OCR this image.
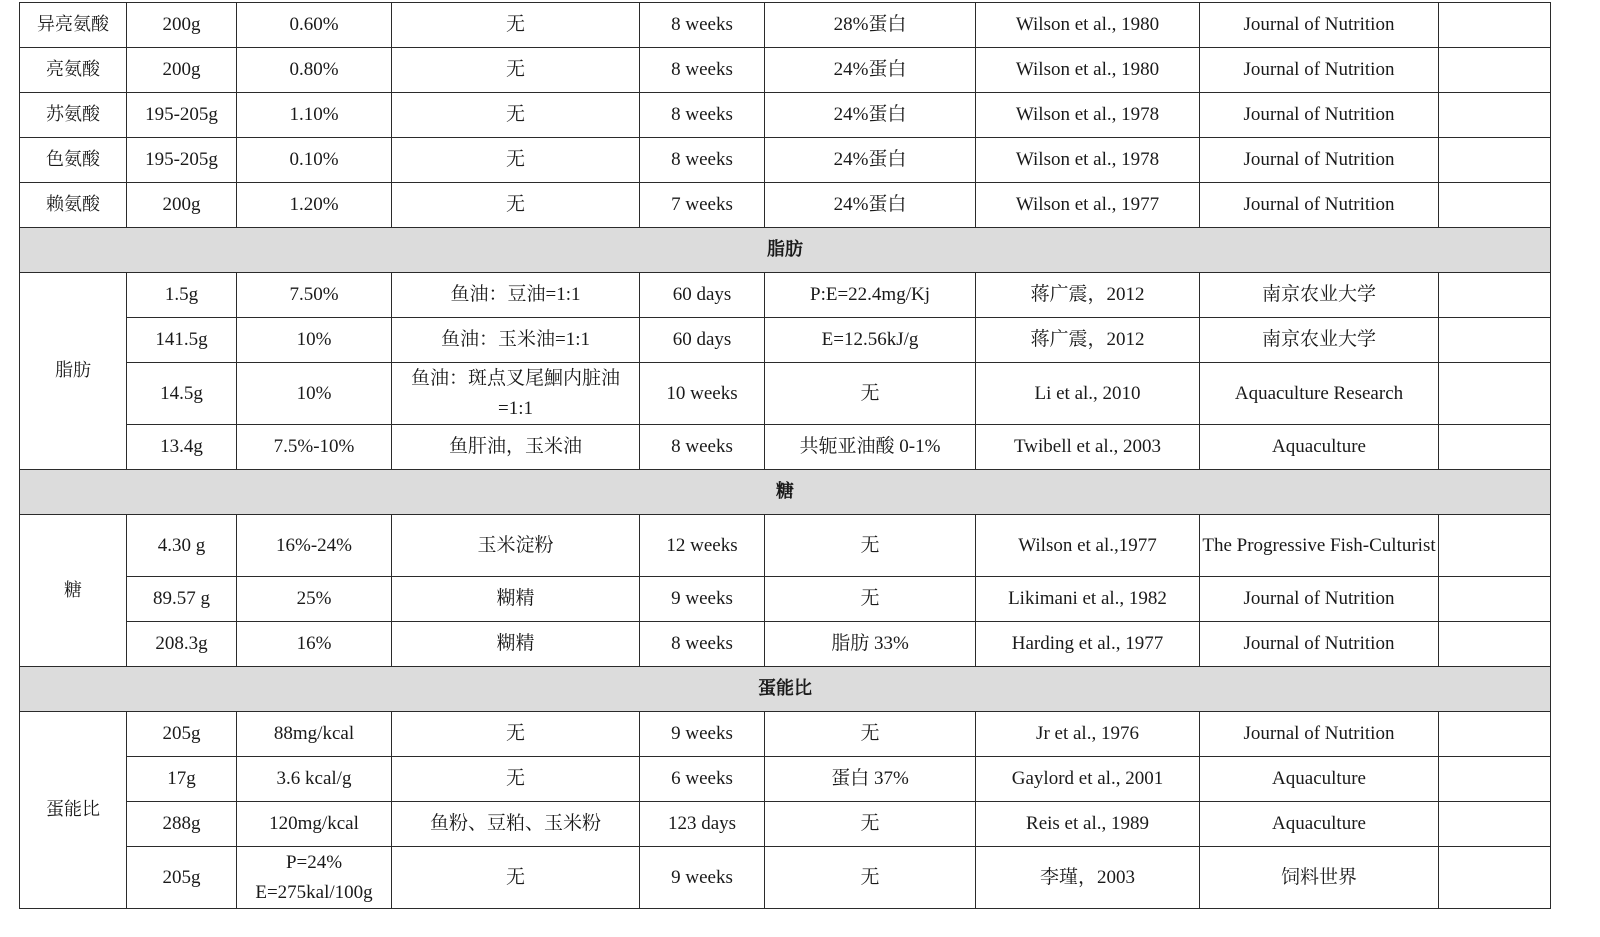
异亮氨酸	200g	0.60%	无	8 weeks	28%蛋白	Wilson et al., 1980	Journal of Nutrition	
亮氨酸	200g	0.80%	无	8 weeks	24%蛋白	Wilson et al., 1980	Journal of Nutrition	
苏氨酸	195-205g	1.10%	无	8 weeks	24%蛋白	Wilson et al., 1978	Journal of Nutrition	
色氨酸	195-205g	0.10%	无	8 weeks	24%蛋白	Wilson et al., 1978	Journal of Nutrition	
赖氨酸	200g	1.20%	无	7 weeks	24%蛋白	Wilson et al., 1977	Journal of Nutrition	
脂肪								
脂肪	1.5g	7.50%	鱼油：豆油=1:1	60 days	P:E=22.4mg/Kj	蒋广震，2012	南京农业大学	
	141.5g	10%	鱼油：玉米油=1:1	60 days	E=12.56kJ/g	蒋广震，2012	南京农业大学	
	14.5g	10%	鱼油：斑点叉尾鮰内脏油=1:1	10 weeks	无	Li et al., 2010	Aquaculture Research	
	13.4g	7.5%-10%	鱼肝油，玉米油	8 weeks	共轭亚油酸 0-1%	Twibell et al., 2003	Aquaculture	
糖								
糖	4.30 g	16%-24%	玉米淀粉	12 weeks	无	Wilson et al.,1977	The Progressive Fish-Culturist	
	89.57 g	25%	糊精	9 weeks	无	Likimani et al., 1982	Journal of Nutrition	
	208.3g	16%	糊精	8 weeks	脂肪 33%	Harding et al., 1977	Journal of Nutrition	
蛋能比								
蛋能比	205g	88mg/kcal	无	9 weeks	无	Jr et al., 1976	Journal of Nutrition	
	17g	3.6 kcal/g	无	6 weeks	蛋白 37%	Gaylord et al., 2001	Aquaculture	
	288g	120mg/kcal	鱼粉、豆粕、玉米粉	123 days	无	Reis et al., 1989	Aquaculture	
	205g	P=24% E=275kal/100g	无	9 weeks	无	李瑾，2003	饲料世界	
